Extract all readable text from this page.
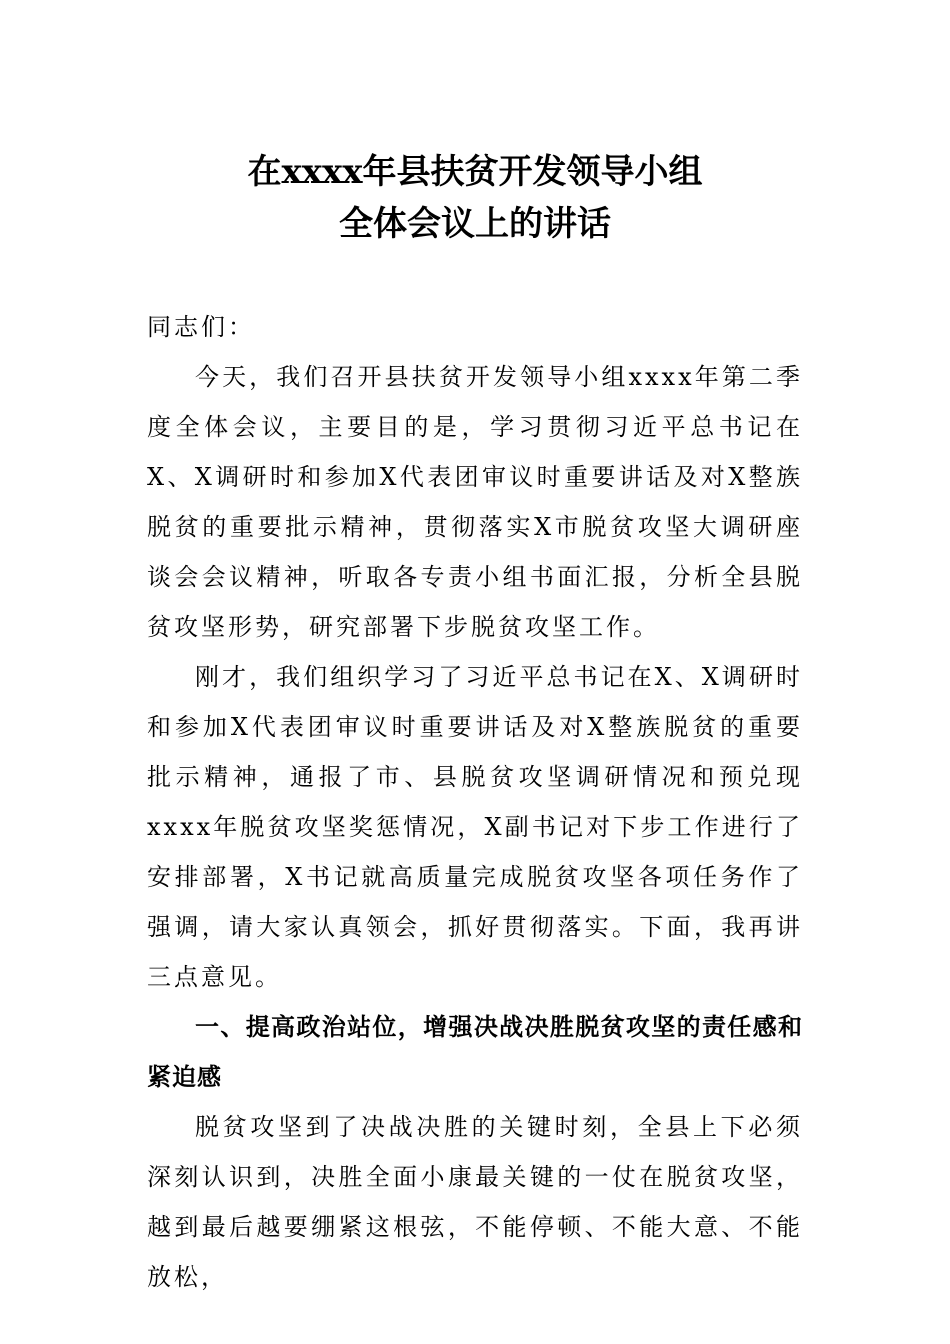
在xxxx年县扶贫开发领导小组
全体会议上的讲话

同志们：

今天，我们召开县扶贫开发领导小组xxxx年第二季度全体会议，主要目的是，学习贯彻习近平总书记在X、X调研时和参加X代表团审议时重要讲话及对X整族脱贫的重要批示精神，贯彻落实X市脱贫攻坚大调研座谈会会议精神，听取各专责小组书面汇报，分析全县脱贫攻坚形势，研究部署下步脱贫攻坚工作。

刚才，我们组织学习了习近平总书记在X、X调研时和参加X代表团审议时重要讲话及对X整族脱贫的重要批示精神，通报了市、县脱贫攻坚调研情况和预兑现xxxx年脱贫攻坚奖惩情况，X副书记对下步工作进行了安排部署，X书记就高质量完成脱贫攻坚各项任务作了强调，请大家认真领会，抓好贯彻落实。下面，我再讲三点意见。

一、提高政治站位，增强决战决胜脱贫攻坚的责任感和紧迫感

脱贫攻坚到了决战决胜的关键时刻，全县上下必须深刻认识到，决胜全面小康最关键的一仗在脱贫攻坚，越到最后越要绷紧这根弦，不能停顿、不能大意、不能放松，
